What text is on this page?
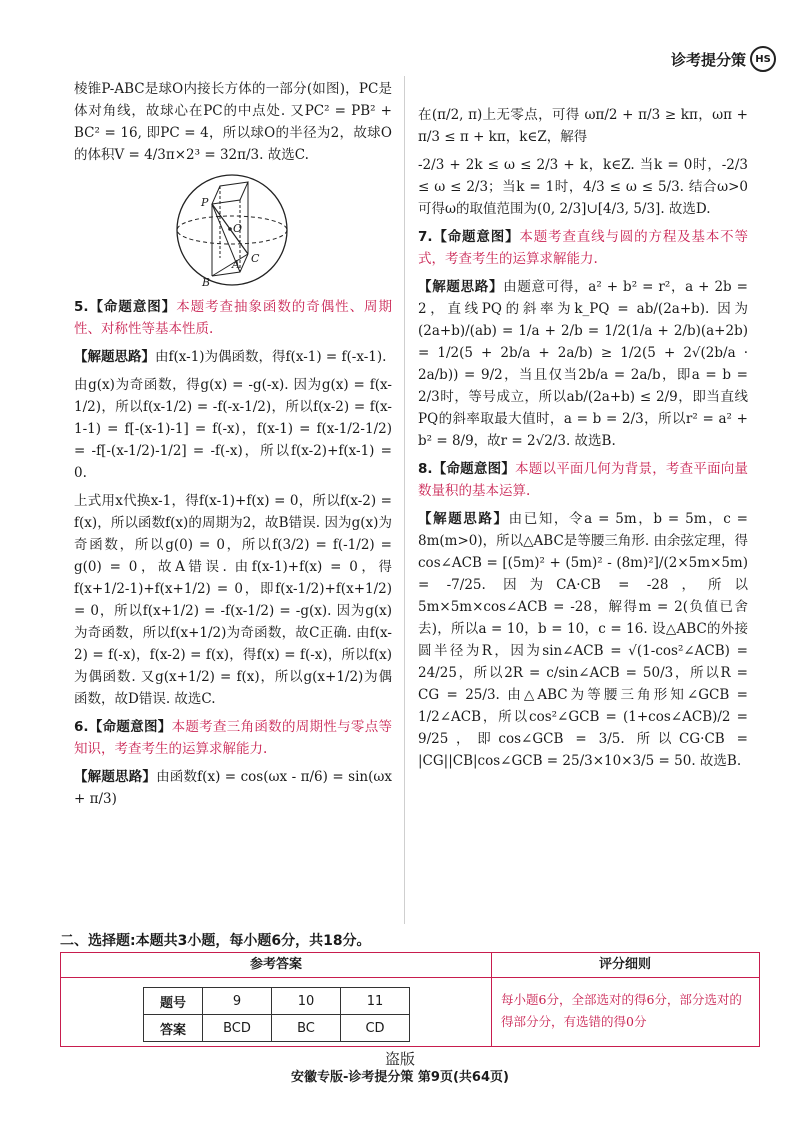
诊考提分策 HS

棱锥P-ABC是球O内接长方体的一部分(如图)，PC是体对角线，故球心在PC的中点处. 又PC² = PB² + BC² = 16, 即PC = 4，所以球O的半径为2，故球O的体积V = 4/3π×2³ = 32π/3. 故选C.

P
O
A C
B

5.【命题意图】本题考查抽象函数的奇偶性、周期性、对称性等基本性质.

【解题思路】由f(x-1)为偶函数，得f(x-1) = f(-x-1).

由g(x)为奇函数，得g(x) = -g(-x). 因为g(x) = f(x-1/2)，所以f(x-1/2) = -f(-x-1/2)，所以f(x-2) = f(x-1-1) = f[-(x-1)-1] = f(-x)，f(x-1) = f(x-1/2-1/2) = -f[-(x-1/2)-1/2] = -f(-x)，所以f(x-2)+f(x-1) = 0.

上式用x代换x-1，得f(x-1)+f(x) = 0，所以f(x-2) = f(x)，所以函数f(x)的周期为2，故B错误. 因为g(x)为奇函数，所以g(0) = 0，所以f(3/2) = f(-1/2) = g(0) = 0，故A错误. 由f(x-1)+f(x) = 0，得f(x+1/2-1)+f(x+1/2) = 0，即f(x-1/2)+f(x+1/2) = 0，所以f(x+1/2) = -f(x-1/2) = -g(x). 因为g(x)为奇函数，所以f(x+1/2)为奇函数，故C正确. 由f(x-2) = f(-x)，f(x-2) = f(x)，得f(x) = f(-x)，所以f(x)为偶函数. 又g(x+1/2) = f(x)，所以g(x+1/2)为偶函数，故D错误. 故选C.

6.【命题意图】本题考查三角函数的周期性与零点等知识，考查考生的运算求解能力.

【解题思路】由函数f(x) = cos(ωx - π/6) = sin(ωx + π/3)

在(π/2, π)上无零点，可得 ωπ/2 + π/3 ≥ kπ，ωπ + π/3 ≤ π + kπ，k∈Z，解得

-2/3 + 2k ≤ ω ≤ 2/3 + k，k∈Z. 当k = 0时，-2/3 ≤ ω ≤ 2/3；当k = 1时，4/3 ≤ ω ≤ 5/3. 结合ω>0可得ω的取值范围为(0, 2/3]∪[4/3, 5/3]. 故选D.

7.【命题意图】本题考查直线与圆的方程及基本不等式，考查考生的运算求解能力.

【解题思路】由题意可得，a² + b² = r²，a + 2b = 2，直线PQ的斜率为k_PQ = ab/(2a+b). 因为(2a+b)/(ab) = 1/a + 2/b = 1/2(1/a + 2/b)(a+2b) = 1/2(5 + 2b/a + 2a/b) ≥ 1/2(5 + 2√(2b/a · 2a/b)) = 9/2，当且仅当2b/a = 2a/b，即a = b = 2/3时，等号成立，所以ab/(2a+b) ≤ 2/9，即当直线PQ的斜率取最大值时，a = b = 2/3，所以r² = a² + b² = 8/9，故r = 2√2/3. 故选B.

8.【命题意图】本题以平面几何为背景，考查平面向量数量积的基本运算.

【解题思路】由已知，令a = 5m，b = 5m，c = 8m(m>0)，所以△ABC是等腰三角形. 由余弦定理，得cos∠ACB = [(5m)² + (5m)² - (8m)²]/(2×5m×5m) = -7/25. 因为CA·CB = -28，所以5m×5m×cos∠ACB = -28，解得m = 2(负值已舍去)，所以a = 10，b = 10，c = 16. 设△ABC的外接圆半径为R，因为sin∠ACB = √(1-cos²∠ACB) = 24/25，所以2R = c/sin∠ACB = 50/3，所以R = CG = 25/3. 由△ABC为等腰三角形知∠GCB = 1/2∠ACB，所以cos²∠GCB = (1+cos∠ACB)/2 = 9/25，即cos∠GCB = 3/5. 所以CG·CB = |CG||CB|cos∠GCB = 25/3×10×3/5 = 50. 故选B.

二、选择题:本题共3小题，每小题6分，共18分。
参考答案
题号	9	10	11
答案	BCD	BC	CD
评分细则
每小题6分，全部选对的得6分，部分选对的得部分分，有选错的得0分
盗版
安徽专版-诊考提分策 第9页(共64页)
